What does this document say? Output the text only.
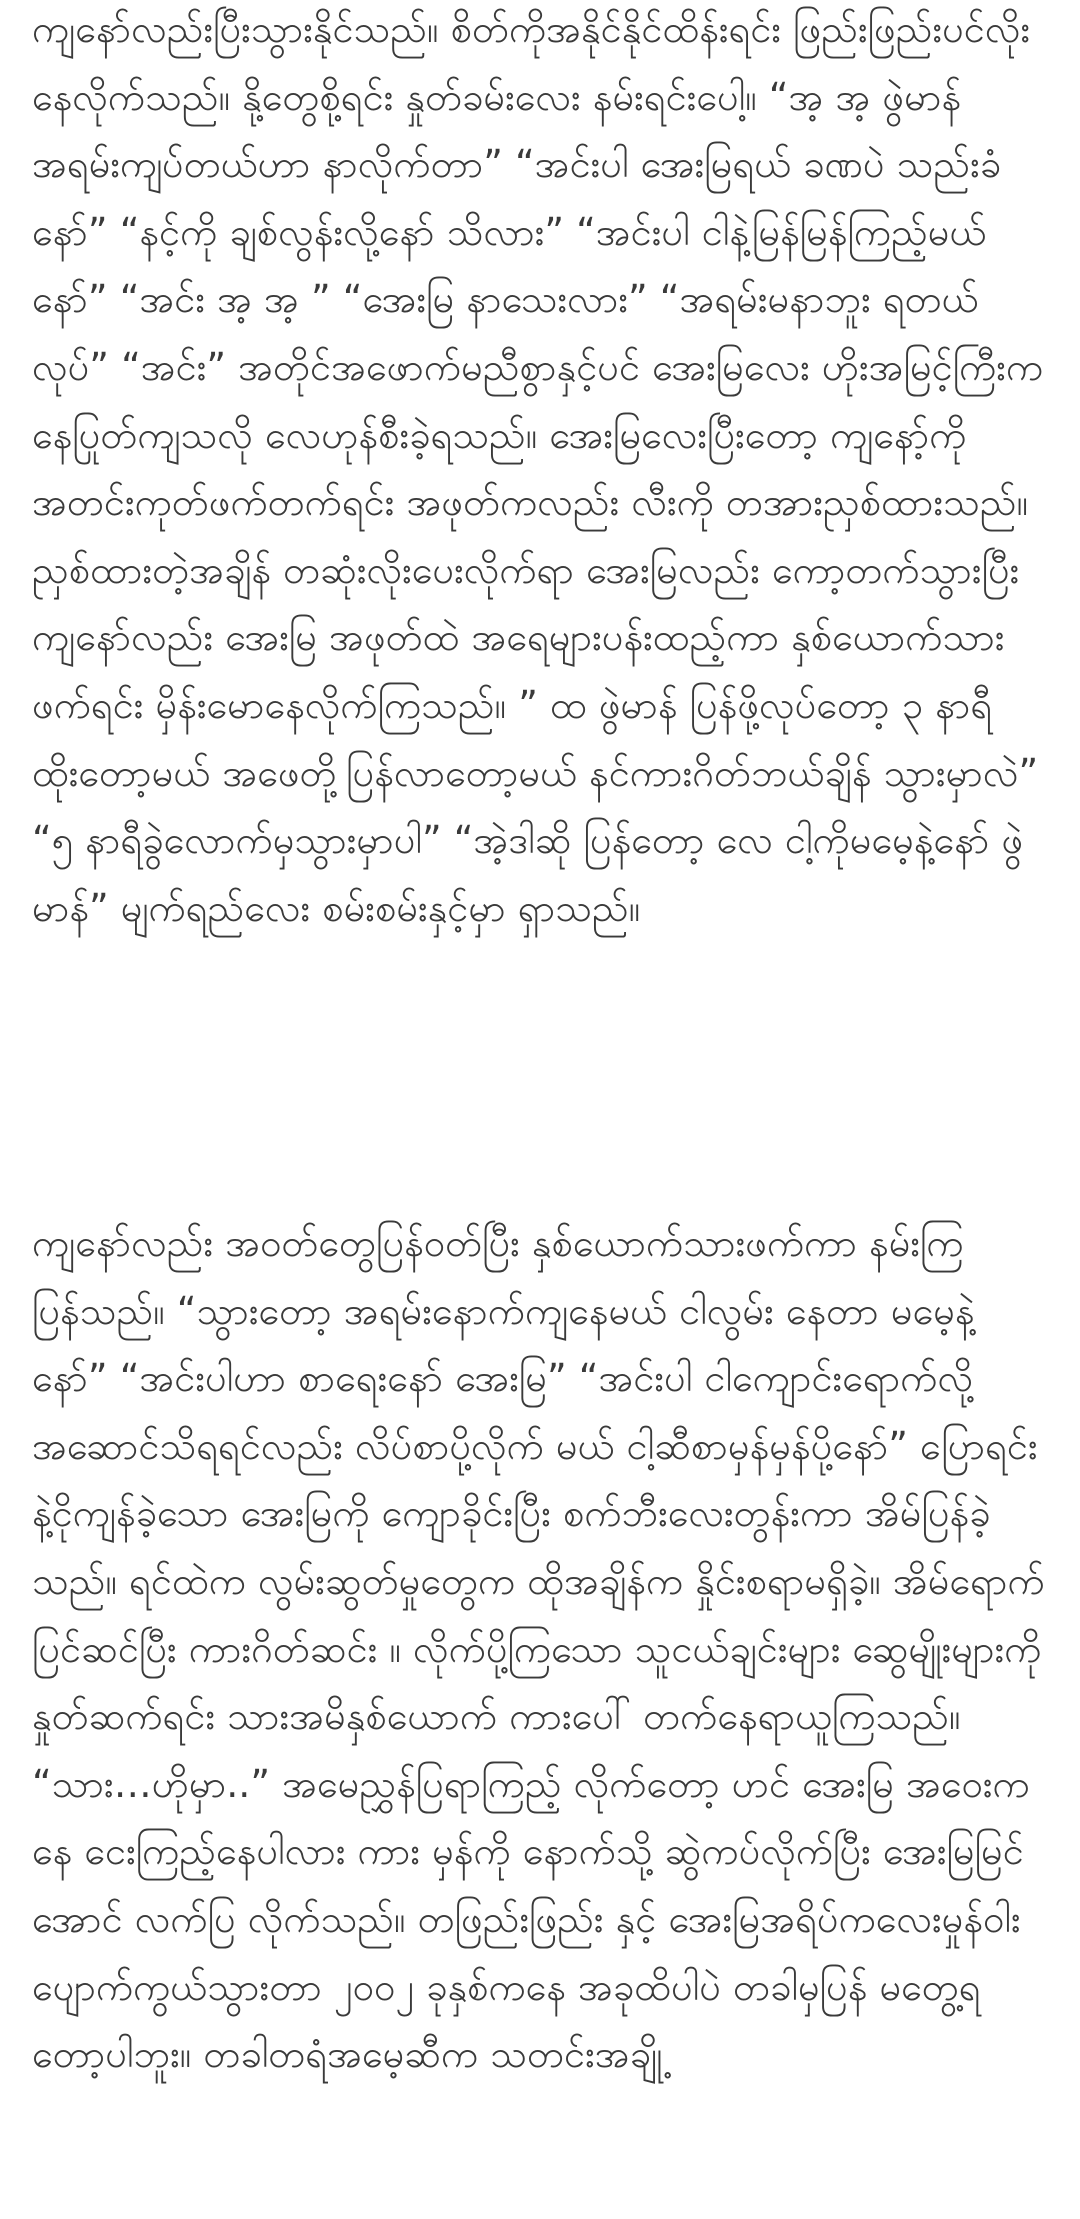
ကျနော်လည်းပြီးသွားနိုင်သည်။ စိတ်ကိုအနိုင်နိုင်ထိန်းရင်း ဖြည်းဖြည်းပင်လိုးနေလိုက်သည်။ နို့တွေစို့ရင်း နှုတ်ခမ်းလေး နမ်းရင်းပေါ့။ “အ့ အ့ ဖွဲမာန် အရမ်းကျပ်တယ်ဟာ နာလိုက်တာ” “အင်းပါ အေးမြရယ် ခဏပဲ သည်းခံနော်” “နင့်ကို ချစ်လွန်းလို့နော် သိလား” “အင်းပါ ငါနဲ့မြန်မြန်ကြည့်မယ်နော်” “အင်း အ့ အ့ ” “အေးမြ နာသေးလား” “အရမ်းမနာဘူး ရတယ် လုပ်” “အင်း” အတိုင်အဖောက်မညီစွာနှင့်ပင် အေးမြလေး ဟိုးအမြင့်ကြီးက နေပြုတ်ကျသလို လေဟုန်စီးခဲ့ရသည်။ အေးမြလေးပြီးတော့ ကျနော့်ကို အတင်းကုတ်ဖက်တက်ရင်း အဖုတ်ကလည်း လီးကို တအားညှစ်ထားသည်။ ညှစ်ထားတဲ့အချိန် တဆုံးလိုးပေးလိုက်ရာ အေးမြလည်း ကော့တက်သွားပြီး ကျနော်လည်း အေးမြ အဖုတ်ထဲ အရေများပန်းထည့်ကာ နှစ်ယောက်သားဖက်ရင်း မှိန်းမောနေလိုက်ကြသည်။ ” ထ ဖွဲမာန် ပြန်ဖို့လုပ်တော့ ၃ နာရီ ထိုးတော့မယ် အဖေတို့ပြန်လာတော့မယ် နင်ကားဂိတ်ဘယ်ချိန် သွားမှာလဲ” “၅ နာရီခွဲလောက်မှသွားမှာပါ” “အဲ့ဒါဆို ပြန်တော့ လေ ငါ့ကိုမမေ့နဲ့နော် ဖွဲမာန်” မျက်ရည်လေး စမ်းစမ်းနှင့်မှာ ရှာသည်။

ကျနော်လည်း အဝတ်တွေပြန်ဝတ်ပြီး နှစ်ယောက်သားဖက်ကာ နမ်းကြပြန်သည်။ “သွားတော့ အရမ်းနောက်ကျနေမယ် ငါလွမ်း နေတာ မမေ့နဲ့နော်” “အင်းပါဟာ စာရေးနော် အေးမြ” “အင်းပါ ငါကျောင်းရောက်လို့ အဆောင်သိရရင်လည်း လိပ်စာပို့လိုက် မယ် ငါ့ဆီစာမှန်မှန်ပို့နော်” ပြောရင်းနဲ့ငိုကျန်ခဲ့သော အေးမြကို ကျောခိုင်းပြီး စက်ဘီးလေးတွန်းကာ အိမ်ပြန်ခဲ့သည်။ ရင်ထဲက လွမ်းဆွတ်မှုတွေက ထိုအချိန်က နှိုင်းစရာမရှိခဲ့။ အိမ်ရောက် ပြင်ဆင်ပြီး ကားဂိတ်ဆင်း ။ လိုက်ပို့ကြသော သူငယ်ချင်းများ ဆွေမျိုးများကို နှုတ်ဆက်ရင်း သားအမိနှစ်ယောက် ကားပေါ် တက်နေရာယူကြသည်။ “သား…ဟိုမှာ..” အမေညွှန်ပြရာကြည့် လိုက်တော့ ဟင် အေးမြ အဝေးကနေ ငေးကြည့်နေပါလား ကား မှန်ကို နောက်သို့ ဆွဲကပ်လိုက်ပြီး အေးမြမြင်အောင် လက်ပြ လိုက်သည်။ တဖြည်းဖြည်း နှင့် အေးမြအရိပ်ကလေးမှုန်ဝါး ပျောက်ကွယ်သွားတာ ၂၀၀၂ ခုနှစ်ကနေ အခုထိပါပဲ တခါမှပြန် မတွေ့ရတော့ပါဘူး။ တခါတရံအမေ့ဆီက သတင်းအချို့
